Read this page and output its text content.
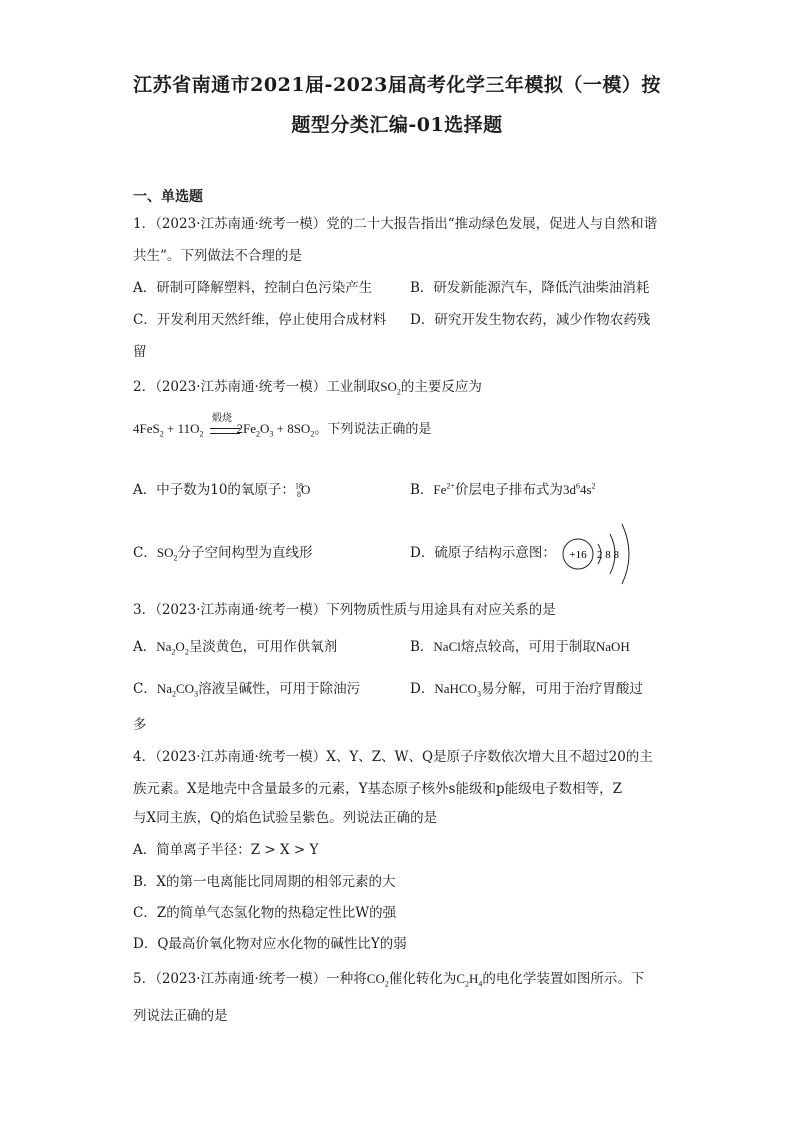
江苏省南通市2021届-2023届高考化学三年模拟（一模）按
题型分类汇编-01选择题
一、单选题
1．（2023·江苏南通·统考一模）党的二十大报告指出“推动绿色发展，促进人与自然和谐
共生”。下列做法不合理的是
A．研制可降解塑料，控制白色污染产生	B．研发新能源汽车，降低汽油柴油消耗
C．开发利用天然纤维，停止使用合成材料 D．研究开发生物农药，减少作物农药残
留
2．（2023·江苏南通·统考一模）工业制取$SO_2$的主要反应为
煅烧
$4FeS_2 + 11O_2$	$2Fe_2O_3 + 8SO_2$。下列说法正确的是
A．中子数为10的氧原子：$^{18}_8$O	B．$Fe^{2+}$价层电子排布式为$3d^64s^2$
C．$SO_2$分子空间构型为直线形	D．硫原子结构示意图： +16 2 8 8
3．（2023·江苏南通·统考一模）下列物质性质与用途具有对应关系的是
A．$Na_2O_2$呈淡黄色，可用作供氧剂	B．NaCl熔点较高，可用于制取NaOH
C．$Na_2CO_3$溶液呈碱性，可用于除油污	D．NaHCO$_3$易分解，可用于治疗胃酸过
多
4．（2023·江苏南通·统考一模）X、Y、Z、W、Q是原子序数依次增大且不超过20的主
族元素。X是地壳中含量最多的元素，Y基态原子核外s能级和p能级电子数相等，Z
与X同主族，Q的焰色试验呈紫色。列说法正确的是
A．简单离子半径：Z > X > Y
B．X的第一电离能比同周期的相邻元素的大
C．Z的简单气态氢化物的热稳定性比W的强
D．Q最高价氧化物对应水化物的碱性比Y的弱
5．（2023·江苏南通·统考一模）一种将$CO_2$催化转化为$C_2H_4$的电化学装置如图所示。下
列说法正确的是
